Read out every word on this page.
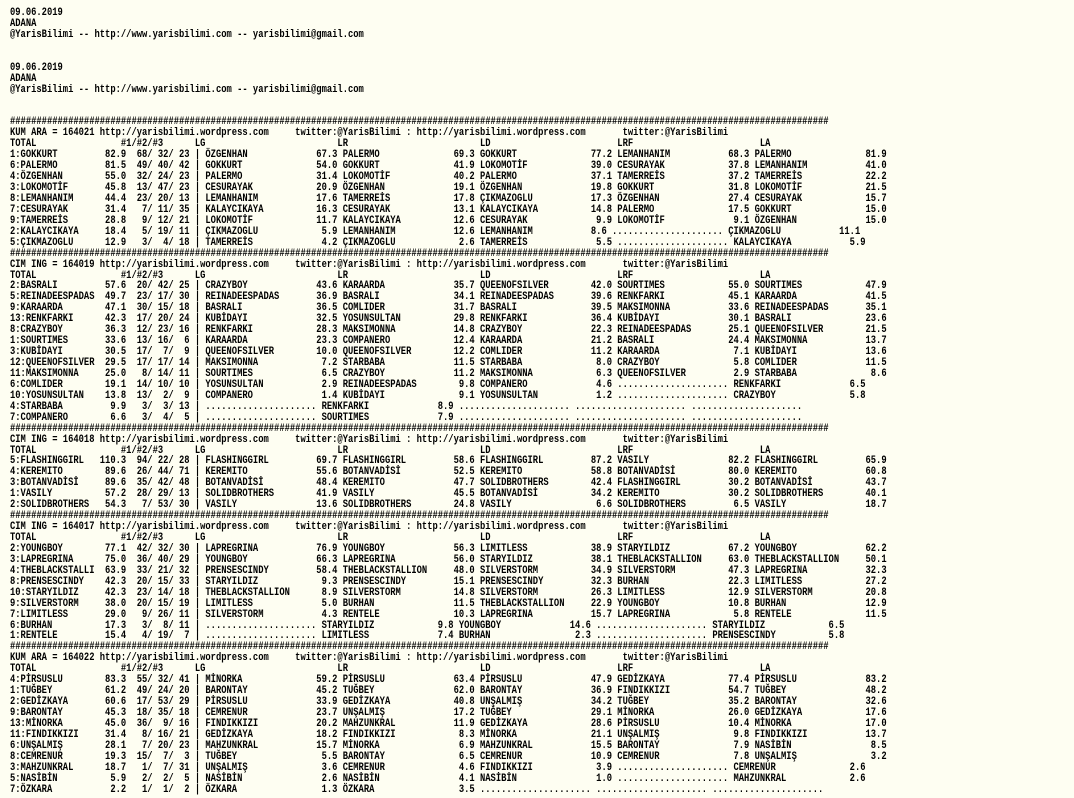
09.06.2019
ADANA
@YarisBilimi -- http://www.yarisbilimi.com -- yarisbilimi@gmail.com
09.06.2019
ADANA
@YarisBilimi -- http://www.yarisbilimi.com -- yarisbilimi@gmail.com
###########################################################################################################################################################
KUM ARA = 164021 http://yarisbilimi.wordpress.com     twitter:@YarisBilimi : http://yarisbilimi.wordpress.com       twitter:@YarisBilimi
TOTAL                #1/#2/#3      LG                         LR                         LD                        LRF                        LA
1:GOKKURT         82.9  68/ 32/ 23 | ÖZGENHAN             67.3 PALERMO              69.3 GOKKURT              77.2 LEMANHANIM           68.3 PALERMO              81.9
6:PALERMO         81.5  49/ 40/ 42 | GOKKURT              54.0 GOKKURT              41.9 LOKOMOTİF            39.0 CESURAYAK            37.8 LEMANHANIM           41.0
4:ÖZGENHAN        55.0  32/ 24/ 23 | PALERMO              31.4 LOKOMOTİF            40.2 PALERMO              37.1 TAMERREİS            37.2 TAMERREİS            22.2
3:LOKOMOTİF       45.8  13/ 47/ 23 | CESURAYAK            20.9 ÖZGENHAN             19.1 ÖZGENHAN             19.8 GOKKURT              31.8 LOKOMOTİF            21.5
8:LEMANHANIM      44.4  23/ 20/ 13 | LEMANHANIM           17.6 TAMERREİS            17.8 ÇIKMAZOGLU           17.3 ÖZGENHAN             27.4 CESURAYAK            15.7
7:CESURAYAK       31.4   7/ 11/ 35 | KALAYCIKAYA          16.3 CESURAYAK            13.1 KALAYCIKAYA          14.8 PALERMO              17.5 GOKKURT              15.0
9:TAMERREİS       28.8   9/ 12/ 21 | LOKOMOTİF            11.7 KALAYCIKAYA          12.6 CESURAYAK             9.9 LOKOMOTİF             9.1 ÖZGENHAN             15.0
2:KALAYCIKAYA     18.4   5/ 19/ 11 | ÇIKMAZOGLU            5.9 LEMANHANIM           12.6 LEMANHANIM           8.6 ..................... ÇIKMAZOGLU           11.1
5:ÇIKMAZOGLU      12.9   3/  4/ 18 | TAMERREİS             4.2 ÇIKMAZOGLU            2.6 TAMERREİS             5.5 ..................... KALAYCIKAYA           5.9
###########################################################################################################################################################
CIM ING = 164019 http://yarisbilimi.wordpress.com     twitter:@YarisBilimi : http://yarisbilimi.wordpress.com       twitter:@YarisBilimi
TOTAL                #1/#2/#3      LG                         LR                         LD                        LRF                        LA
2:BASRALI         57.6  20/ 42/ 25 | CRAZYBOY             43.6 KARAARDA             35.7 QUEENOFSILVER        42.0 SOURTIMES            55.0 SOURTIMES            47.9
5:REINADEESPADAS  49.7  23/ 17/ 30 | REINADEESPADAS       36.9 BASRALI              34.1 REINADEESPADAS       39.6 RENKFARKI            45.1 KARAARDA             41.5
9:KARAARDA        47.1  30/ 15/ 18 | BASRALI              36.5 COMLIDER             31.7 BASRALI              39.5 MAKSIMONNA           33.6 REINADEESPADAS       35.1
13:RENKFARKI      42.3  17/ 20/ 24 | KUBİDAYI             32.5 YOSUNSULTAN          29.8 RENKFARKI            36.4 KUBİDAYI             30.1 BASRALI              23.6
8:CRAZYBOY        36.3  12/ 23/ 16 | RENKFARKI            28.3 MAKSIMONNA           14.8 CRAZYBOY             22.3 REINADEESPADAS       25.1 QUEENOFSILVER        21.5
1:SOURTIMES       33.6  13/ 16/  6 | KARAARDA             23.3 COMPANERO            12.4 KARAARDA             21.2 BASRALI              24.4 MAKSIMONNA           13.7
3:KUBİDAYI        30.5  17/  7/  9 | QUEENOFSILVER        10.0 QUEENOFSILVER        12.2 COMLIDER             11.2 KARAARDA              7.1 KUBİDAYI             13.6
12:QUEENOFSILVER  29.5  17/ 17/ 14 | MAKSIMONNA            7.2 STARBABA             11.5 STARBABA              8.0 CRAZYBOY              5.8 COMLIDER             11.5
11:MAKSIMONNA     25.0   8/ 14/ 11 | SOURTIMES             6.5 CRAZYBOY             11.2 MAKSIMONNA            6.3 QUEENOFSILVER         2.9 STARBABA              8.6
6:COMLIDER        19.1  14/ 10/ 10 | YOSUNSULTAN           2.9 REINADEESPADAS        9.8 COMPANERO             4.6 ..................... RENKFARKI             6.5
10:YOSUNSULTAN    13.8  13/  2/  9 | COMPANERO             1.4 KUBİDAYI              9.1 YOSUNSULTAN           1.2 ..................... CRAZYBOY              5.8
4:STARBABA         9.9   3/  3/ 13 | ..................... RENKFARKI             8.9 ..................... ..................... .....................
7:COMPANERO        6.6   3/  4/  5 | ..................... SOURTIMES             7.9 ..................... ..................... .....................
###########################################################################################################################################################
CIM ING = 164018 http://yarisbilimi.wordpress.com     twitter:@YarisBilimi : http://yarisbilimi.wordpress.com       twitter:@YarisBilimi
TOTAL                #1/#2/#3      LG                         LR                         LD                        LRF                        LA
5:FLASHINGGIRL   110.3  94/ 22/ 28 | FLASHINGGIRL         69.7 FLASHINGGIRL         58.6 FLASHINGGIRL         87.2 VASILY               82.2 FLASHINGGIRL         65.9
4:KEREMITO        89.6  26/ 44/ 71 | KEREMITO             55.6 BOTANVADİSİ          52.5 KEREMITO             58.8 BOTANVADİSİ          80.0 KEREMITO             60.8
3:BOTANVADİSİ     89.6  35/ 42/ 48 | BOTANVADİSİ          48.4 KEREMITO             47.7 SOLIDBROTHERS        42.4 FLASHINGGIRL         30.2 BOTANVADİSİ          43.7
1:VASILY          57.2  28/ 29/ 13 | SOLIDBROTHERS        41.9 VASILY               45.5 BOTANVADİSİ          34.2 KEREMITO             30.2 SOLIDBROTHERS        40.1
2:SOLIDBROTHERS   54.3   7/ 53/ 30 | VASILY               13.6 SOLIDBROTHERS        24.8 VASILY                6.6 SOLIDBROTHERS         6.5 VASILY               18.7
###########################################################################################################################################################
CIM ING = 164017 http://yarisbilimi.wordpress.com     twitter:@YarisBilimi : http://yarisbilimi.wordpress.com       twitter:@YarisBilimi
TOTAL                #1/#2/#3      LG                         LR                         LD                        LRF                        LA
2:YOUNGBOY        77.1  42/ 32/ 30 | LAPREGRINA           76.9 YOUNGBOY             56.3 LIMITLESS            38.9 STARYILDIZ           67.2 YOUNGBOY             62.2
3:LAPREGRINA      75.0  36/ 40/ 29 | YOUNGBOY             66.3 LAPREGRINA           56.0 STARYILDIZ           38.1 THEBLACKSTALLION     63.0 THEBLACKSTALLION     50.1
4:THEBLACKSTALLI  63.9  33/ 21/ 32 | PRENSESCINDY         58.4 THEBLACKSTALLION     48.0 SILVERSTORM          34.9 SILVERSTORM          47.3 LAPREGRINA           32.3
8:PRENSESCINDY    42.3  20/ 15/ 33 | STARYILDIZ            9.3 PRENSESCINDY         15.1 PRENSESCINDY         32.3 BURHAN               22.3 LIMITLESS            27.2
10:STARYILDIZ     42.3  23/ 14/ 18 | THEBLACKSTALLION      8.9 SILVERSTORM          14.8 SILVERSTORM          26.3 LIMITLESS            12.9 SILVERSTORM          20.8
9:SILVERSTORM     38.0  20/ 15/ 19 | LIMITLESS             5.0 BURHAN               11.5 THEBLACKSTALLION     22.9 YOUNGBOY             10.8 BURHAN               12.9
7:LIMITLESS       29.0   9/ 26/ 11 | SILVERSTORM           4.3 RENTELE              10.3 LAPREGRINA           15.7 LAPREGRINA            5.8 RENTELE              11.5
6:BURHAN          17.3   3/  8/ 11 | ..................... STARYILDIZ            9.8 YOUNGBOY             14.6 ..................... STARYILDIZ            6.5
1:RENTELE         15.4   4/ 19/  7 | ..................... LIMITLESS             7.4 BURHAN                2.3 ..................... PRENSESCINDY          5.8
###########################################################################################################################################################
KUM ARA = 164022 http://yarisbilimi.wordpress.com     twitter:@YarisBilimi : http://yarisbilimi.wordpress.com       twitter:@YarisBilimi
TOTAL                #1/#2/#3      LG                         LR                         LD                        LRF                        LA
4:PİRSUSLU        83.3  55/ 32/ 41 | MİNORKA              59.2 PİRSUSLU             63.4 PİRSUSLU             47.9 GEDİZKAYA            77.4 PİRSUSLU             83.2
1:TUĞBEY          61.2  49/ 24/ 20 | BARONTAY             45.2 TUĞBEY               62.0 BARONTAY             36.9 FINDIKKIZI           54.7 TUĞBEY               48.2
2:GEDİZKAYA       60.6  17/ 53/ 29 | PİRSUSLU             33.9 GEDİZKAYA            40.8 UNŞALMIŞ             34.2 TUĞBEY               35.2 BARONTAY             32.6
9:BARONTAY        45.3  18/ 35/ 18 | CEMRENUR             23.7 UNŞALMIŞ             17.2 TUĞBEY               29.1 MİNORKA              26.0 GEDİZKAYA            17.6
13:MİNORKA        45.0  36/  9/ 16 | FINDIKKIZI           20.2 MAHZUNKRAL           11.9 GEDİZKAYA            28.6 PİRSUSLU             10.4 MİNORKA              17.0
11:FINDIKKIZI     31.4   8/ 16/ 21 | GEDİZKAYA            18.2 FINDIKKIZI            8.3 MİNORKA              21.1 UNŞALMIŞ              9.8 FINDIKKIZI           13.7
6:UNŞALMIŞ        28.1   7/ 20/ 23 | MAHZUNKRAL           15.7 MİNORKA               6.9 MAHZUNKRAL           15.5 BARONTAY              7.9 NASİBİN               8.5
8:CEMRENUR        19.3  15/  7/  3 | TUĞBEY                5.5 BARONTAY              6.5 CEMRENUR             10.9 CEMRENUR              7.8 UNŞALMIŞ              3.2
3:MAHZUNKRAL      18.7   1/  7/ 31 | UNŞALMIŞ              3.6 CEMRENUR              4.6 FINDIKKIZI            3.9 ..................... CEMRENUR              2.6
5:NASİBİN          5.9   2/  2/  5 | NASİBİN               2.6 NASİBİN               4.1 NASİBİN               1.0 ..................... MAHZUNKRAL            2.6
7:ÖZKARA           2.2   1/  1/  2 | ÖZKARA                1.3 ÖZKARA                3.5 ..................... ..................... .....................
